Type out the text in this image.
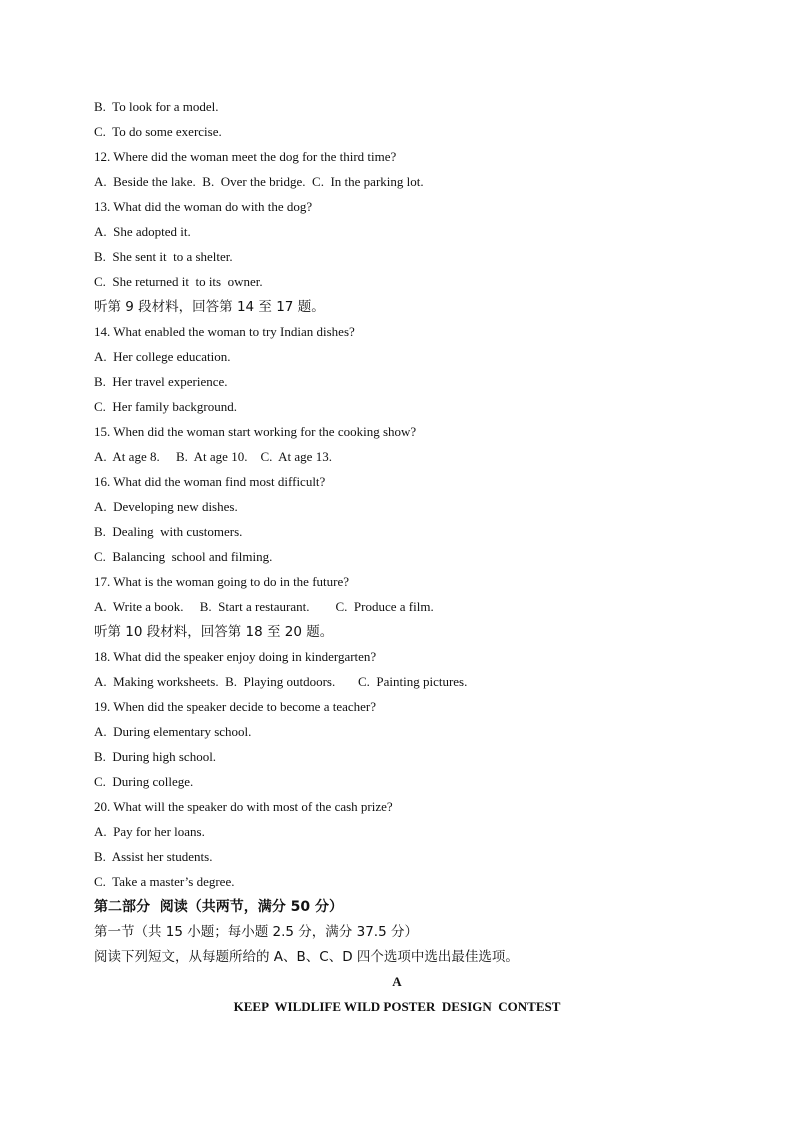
B.  To look for a model.
C.  To do some exercise.
12. Where did the woman meet the dog for the third time?
A.  Beside the lake.  B.  Over the bridge.  C.  In the parking lot.
13. What did the woman do with the dog?
A.  She adopted it.
B.  She sent it  to a shelter.
C.  She returned it  to its  owner.
听第 9 段材料，回答第 14 至 17 题。
14. What enabled the woman to try Indian dishes?
A.  Her college education.
B.  Her travel experience.
C.  Her family background.
15. When did the woman start working for the cooking show?
A.  At age 8.     B.  At age 10.    C.  At age 13.
16. What did the woman find most difficult?
A.  Developing new dishes.
B.  Dealing  with customers.
C.  Balancing  school and filming.
17. What is the woman going to do in the future?
A.  Write a book.     B.  Start a restaurant.        C.  Produce a film.
听第 10 段材料，回答第 18 至 20 题。
18. What did the speaker enjoy doing in kindergarten?
A.  Making worksheets.  B.  Playing outdoors.       C.  Painting pictures.
19. When did the speaker decide to become a teacher?
A.  During elementary school.
B.  During high school.
C.  During college.
20. What will the speaker do with most of the cash prize?
A.  Pay for her loans.
B.  Assist her students.
C.  Take a master’s degree.
第二部分  阅读（共两节，满分 50 分）
第一节（共 15 小题；每小题 2.5 分，满分 37.5 分）
阅读下列短文，从每题所给的 A、B、C、D 四个选项中选出最佳选项。
A
KEEP  WILDLIFE WILD POSTER  DESIGN  CONTEST
